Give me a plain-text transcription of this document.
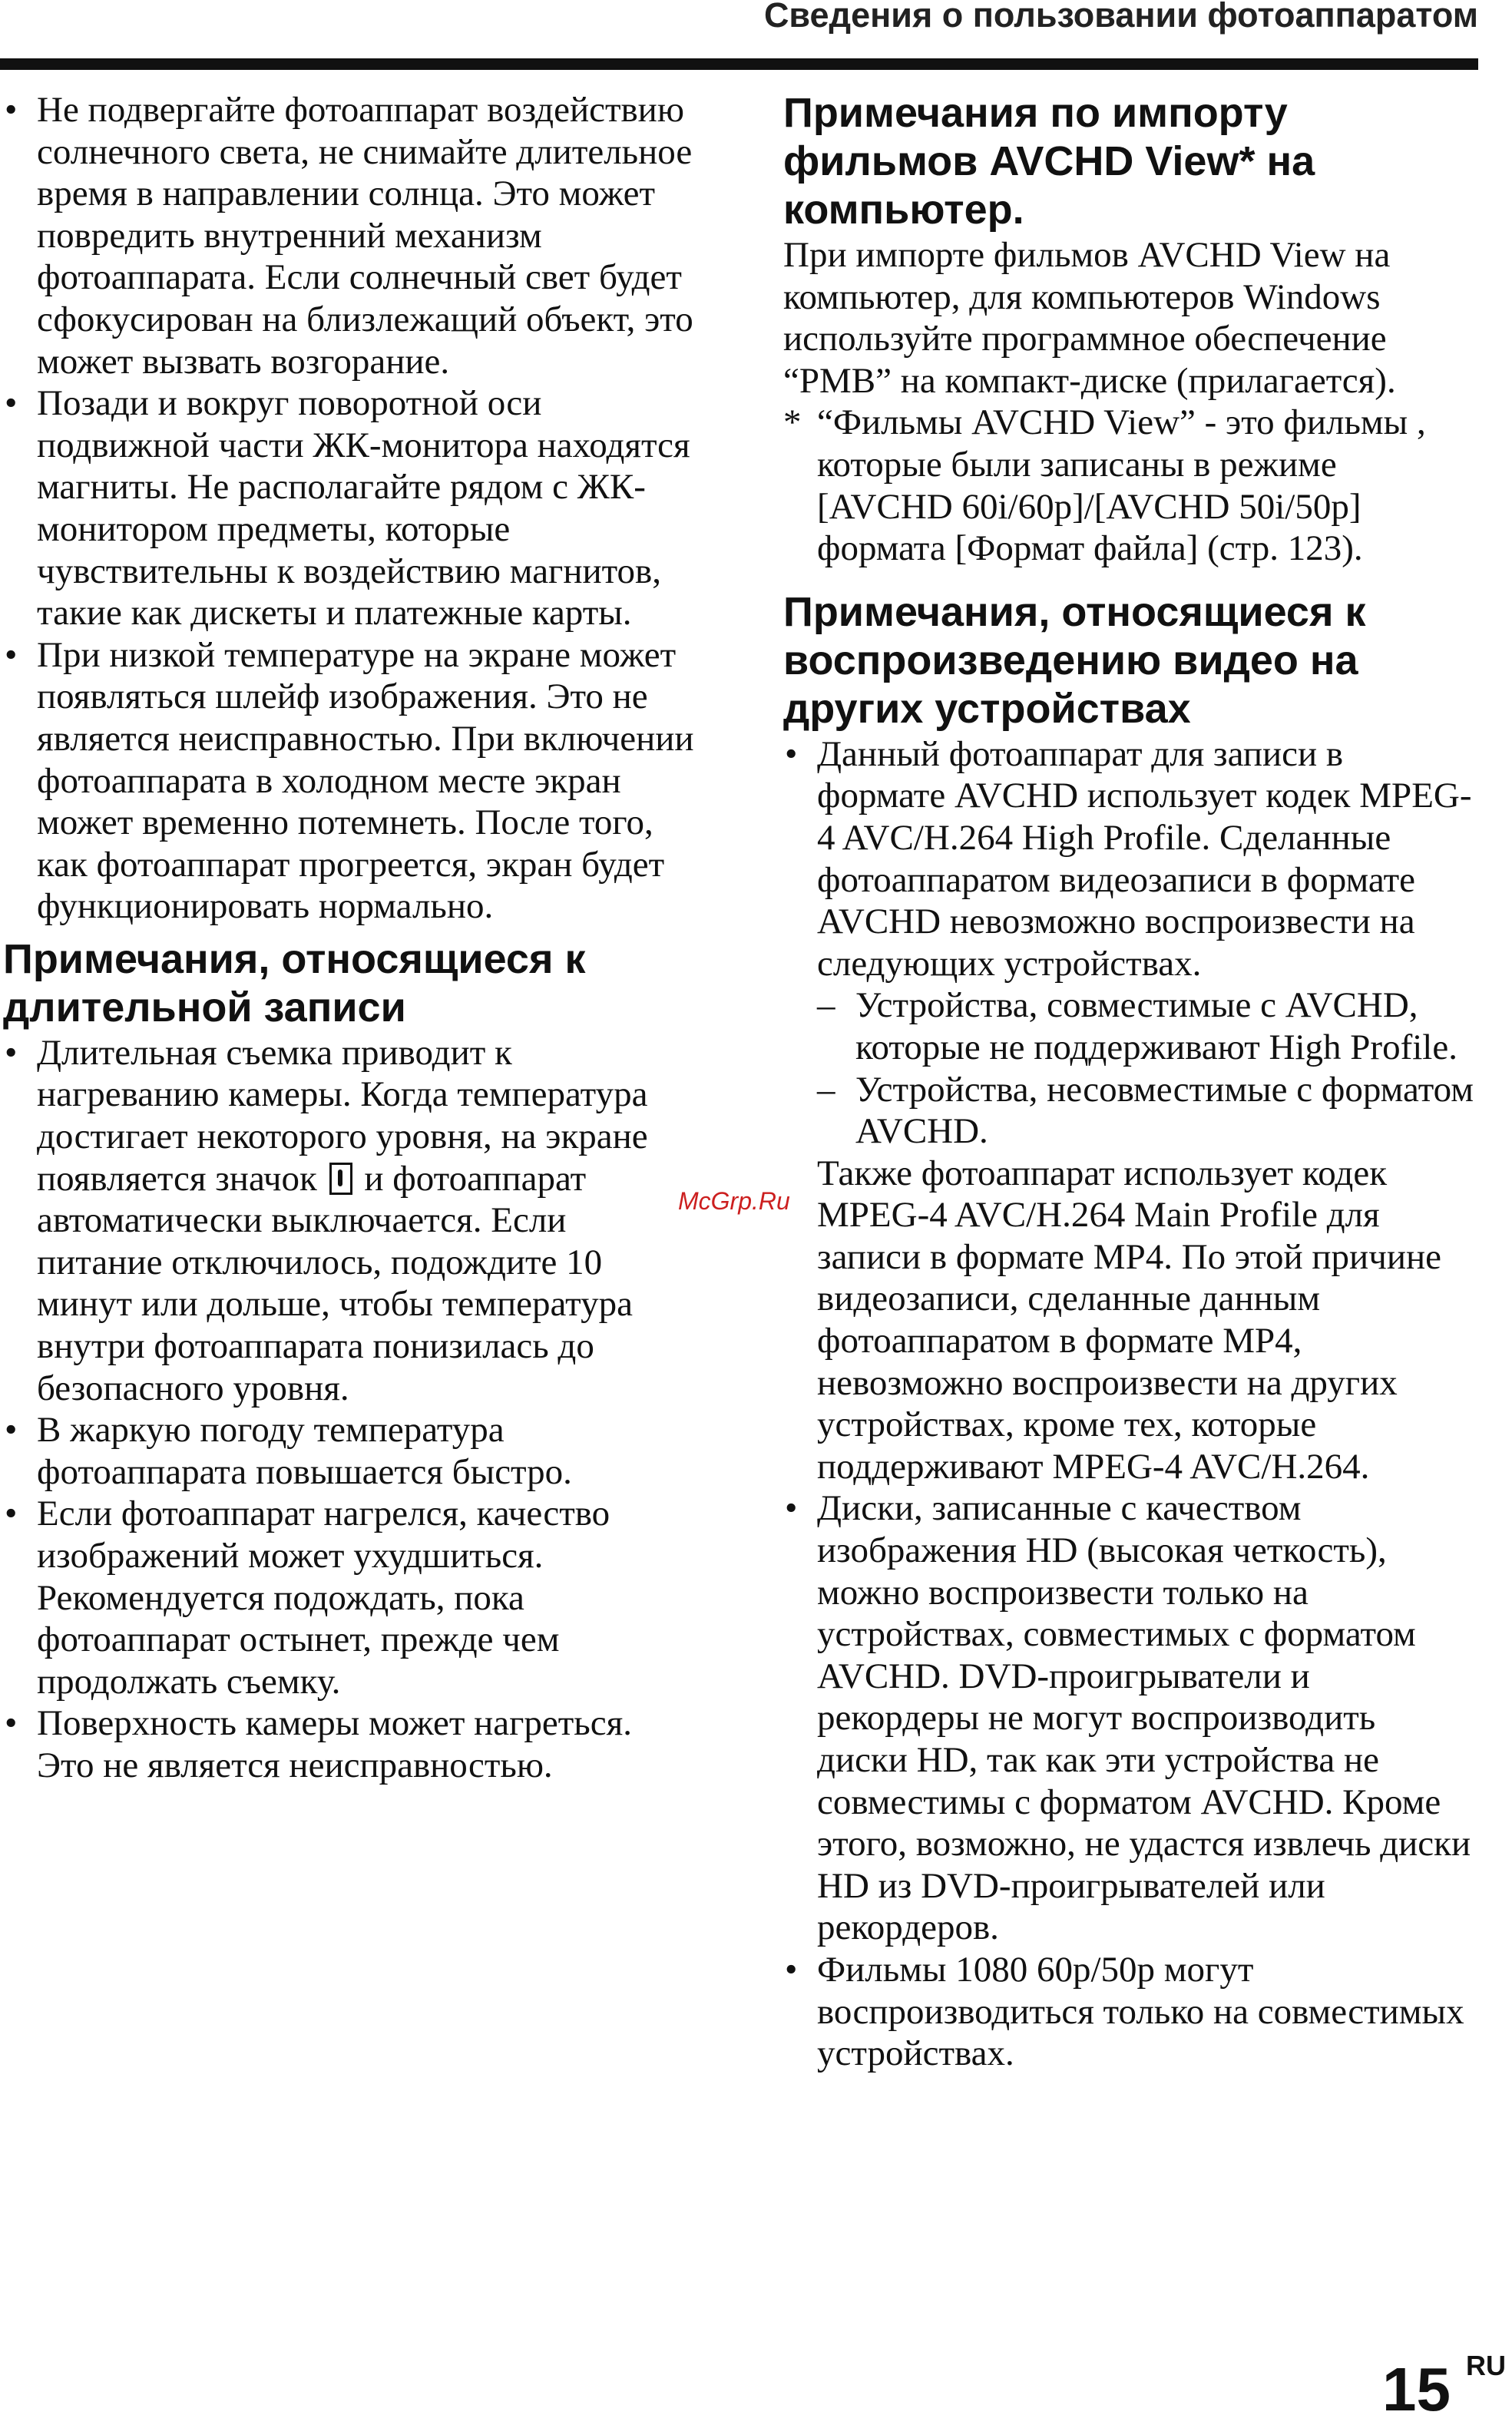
Сведения о пользовании фотоаппаратом
• Не подвергайте фотоаппарат воздействию солнечного света, не снимайте длительное время в направлении солнца. Это может повредить внутренний механизм фотоаппарата. Если солнечный свет будет сфокусирован на близлежащий объект, это может вызвать возгорание.
• Позади и вокруг поворотной оси подвижной части ЖК-монитора находятся магниты. Не располагайте рядом с ЖК-монитором предметы, которые чувствительны к воздействию магнитов, такие как дискеты и платежные карты.
• При низкой температуре на экране может появляться шлейф изображения. Это не является неисправностью. При включении фотоаппарата в холодном месте экран может временно потемнеть. После того, как фотоаппарат прогреется, экран будет функционировать нормально.
Примечания, относящиеся к длительной записи
• Длительная съемка приводит к нагреванию камеры. Когда температура достигает некоторого уровня, на экране появляется значок и фотоаппарат автоматически выключается. Если питание отключилось, подождите 10 минут или дольше, чтобы температура внутри фотоаппарата понизилась до безопасного уровня.
• В жаркую погоду температура фотоаппарата повышается быстро.
• Если фотоаппарат нагрелся, качество изображений может ухудшиться. Рекомендуется подождать, пока фотоаппарат остынет, прежде чем продолжать съемку.
• Поверхность камеры может нагреться. Это не является неисправностью.
Примечания по импорту фильмов AVCHD View* на компьютер.

При импорте фильмов AVCHD View на компьютер, для компьютеров Windows используйте программное обеспечение “PMB” на компакт-диске (прилагается).

* “Фильмы AVCHD View” - это фильмы , которые были записаны в режиме [AVCHD 60i/60p]/[AVCHD 50i/50p] формата [Формат файла] (стр. 123).

Примечания, относящиеся к воспроизведению видео на других устройствах

• Данный фотоаппарат для записи в формате AVCHD использует кодек MPEG-4 AVC/H.264 High Profile. Сделанные фотоаппаратом видеозаписи в формате AVCHD невозможно воспроизвести на следующих устройствах.

– Устройства, совместимые с AVCHD, которые не поддерживают High Profile.

– Устройства, несовместимые с форматом AVCHD.

Также фотоаппарат использует кодек MPEG-4 AVC/H.264 Main Profile для записи в формате MP4. По этой причине видеозаписи, сделанные данным фотоаппаратом в формате MP4, невозможно воспроизвести на других устройствах, кроме тех, которые поддерживают MPEG-4 AVC/H.264.

• Диски, записанные с качеством изображения HD (высокая четкость), можно воспроизвести только на устройствах, совместимых с форматом AVCHD. DVD-проигрыватели и рекордеры не могут воспроизводить диски HD, так как эти устройства не совместимы с форматом AVCHD. Кроме этого, возможно, не удастся извлечь диски HD из DVD-проигрывателей или рекордеров.
• Фильмы 1080 60p/50p могут воспроизводиться только на совместимых устройствах.
McGrp.Ru
15 RU
